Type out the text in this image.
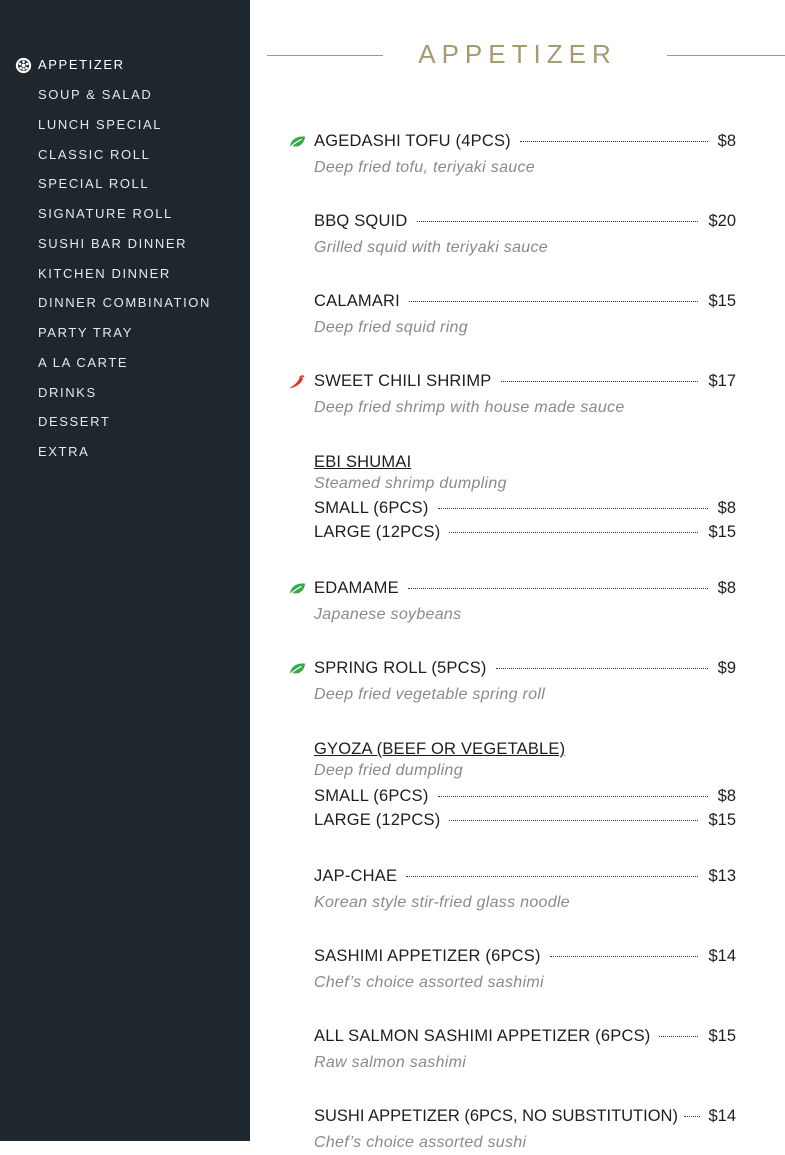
APPETIZER
SOUP & SALAD
LUNCH SPECIAL
CLASSIC ROLL
SPECIAL ROLL
SIGNATURE ROLL
SUSHI BAR DINNER
KITCHEN DINNER
DINNER COMBINATION
PARTY TRAY
A LA CARTE
DRINKS
DESSERT
EXTRA
APPETIZER
AGEDASHI TOFU (4PCS)	$8
Deep fried tofu, teriyaki sauce
BBQ SQUID	$20
Grilled squid with teriyaki sauce
CALAMARI	$15
Deep fried squid ring
SWEET CHILI SHRIMP	$17
Deep fried shrimp with house made sauce
EBI SHUMAI
Steamed shrimp dumpling
SMALL (6PCS)	$8
LARGE (12PCS)	$15
EDAMAME	$8
Japanese soybeans
SPRING ROLL (5PCS)	$9
Deep fried vegetable spring roll
GYOZA (BEEF OR VEGETABLE)
Deep fried dumpling
SMALL (6PCS)	$8
LARGE (12PCS)	$15
JAP-CHAE	$13
Korean style stir-fried glass noodle
SASHIMI APPETIZER (6PCS)	$14
Chef’s choice assorted sashimi
ALL SALMON SASHIMI APPETIZER (6PCS)	$15
Raw salmon sashimi
SUSHI APPETIZER (6PCS, NO SUBSTITUTION) $14
Chef’s choice assorted sushi
